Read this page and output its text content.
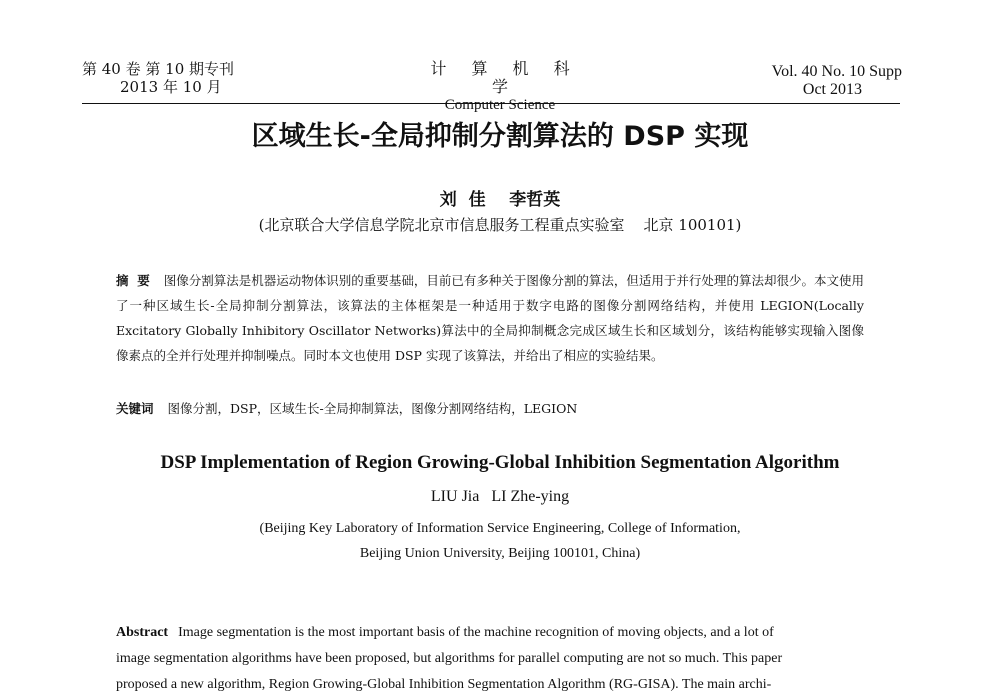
第 40 卷 第 10 期专刊
2013 年 10 月
计 算 机 科 学
Computer Science
Vol. 40 No. 10 Supp
Oct 2013
区域生长-全局抑制分割算法的 DSP 实现
刘  佳    李哲英
(北京联合大学信息学院北京市信息服务工程重点实验室    北京 100101)
摘  要 图像分割算法是机器运动物体识别的重要基础，目前已有多种关于图像分割的算法，但适用于并行处理的算法却很少。本文使用了一种区域生长-全局抑制分割算法，该算法的主体框架是一种适用于数字电路的图像分割网络结构，并使用 LEGION(Locally Excitatory Globally Inhibitory Oscillator Networks)算法中的全局抑制概念完成区域生长和区域划分，该结构能够实现输入图像像素点的全并行处理并抑制噪点。同时本文也使用 DSP 实现了该算法，并给出了相应的实验结果。
关键词 图像分割，DSP，区域生长-全局抑制算法，图像分割网络结构，LEGION
DSP Implementation of Region Growing-Global Inhibition Segmentation Algorithm
LIU Jia   LI Zhe-ying
(Beijing Key Laboratory of Information Service Engineering, College of Information,
Beijing Union University, Beijing 100101, China)
Abstract Image segmentation is the most important basis of the machine recognition of moving objects, and a lot of
image segmentation algorithms have been proposed, but algorithms for parallel computing are not so much. This paper
proposed a new algorithm, Region Growing-Global Inhibition Segmentation Algorithm (RG-GISA). The main archi-
